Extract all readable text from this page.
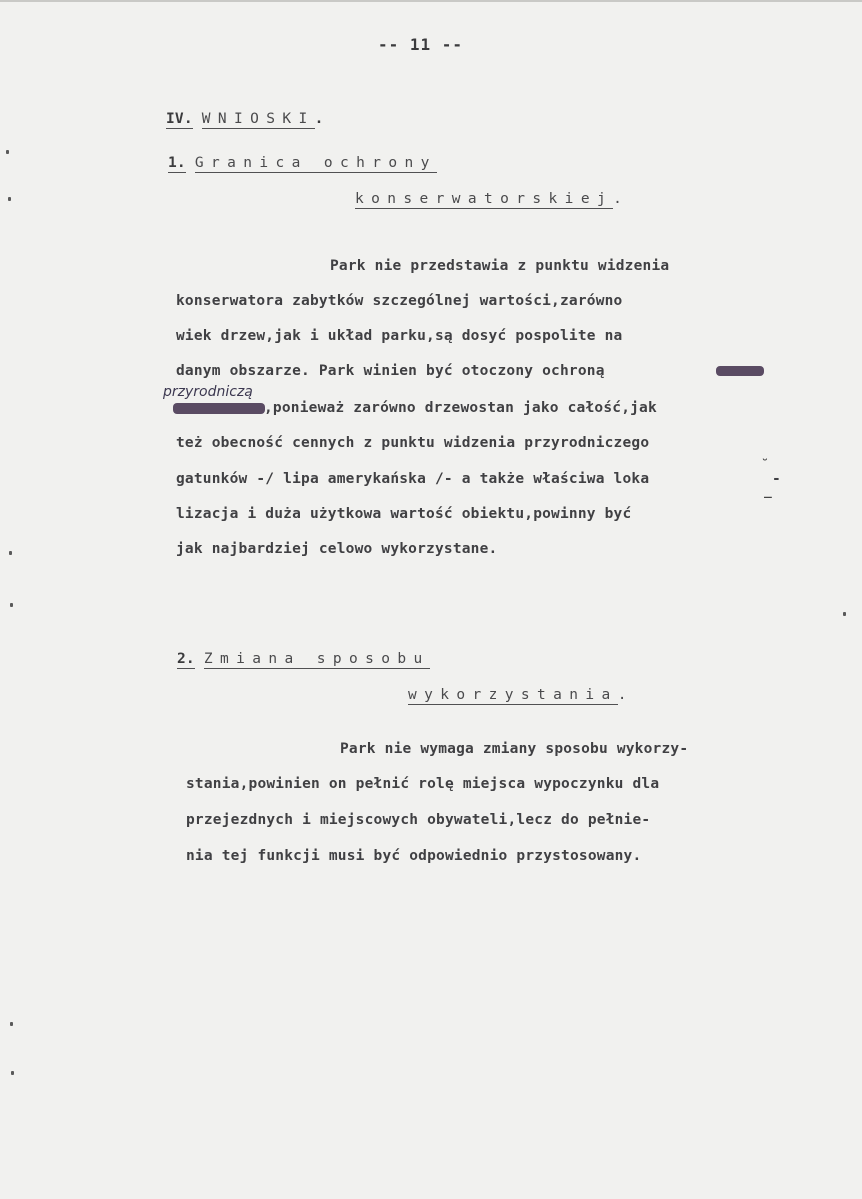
-- 11 --
IV. WNIOSKI.
1. Granica ochrony
konserwatorskiej.
Park nie przedstawia z punktu widzenia
konserwatora zabytków szczególnej wartości,zarówno
wiek drzew,jak i układ parku,są dosyć pospolite na
danym obszarze. Park winien być otoczony ochroną
przyrodniczą
,ponieważ zarówno drzewostan jako całość,jak
też obecność cennych z punktu widzenia przyrodniczego
gatunków -/ lipa amerykańska /- a także właściwa loka
˘
-
_
lizacja i duża użytkowa wartość obiektu,powinny być
jak najbardziej celowo wykorzystane.
2. Zmiana sposobu
wykorzystania.
Park nie wymaga zmiany sposobu wykorzy-
stania,powinien on pełnić rolę miejsca wypoczynku dla
przejezdnych i miejscowych obywateli,lecz do pełnie-
nia tej funkcji musi być odpowiednio przystosowany.
